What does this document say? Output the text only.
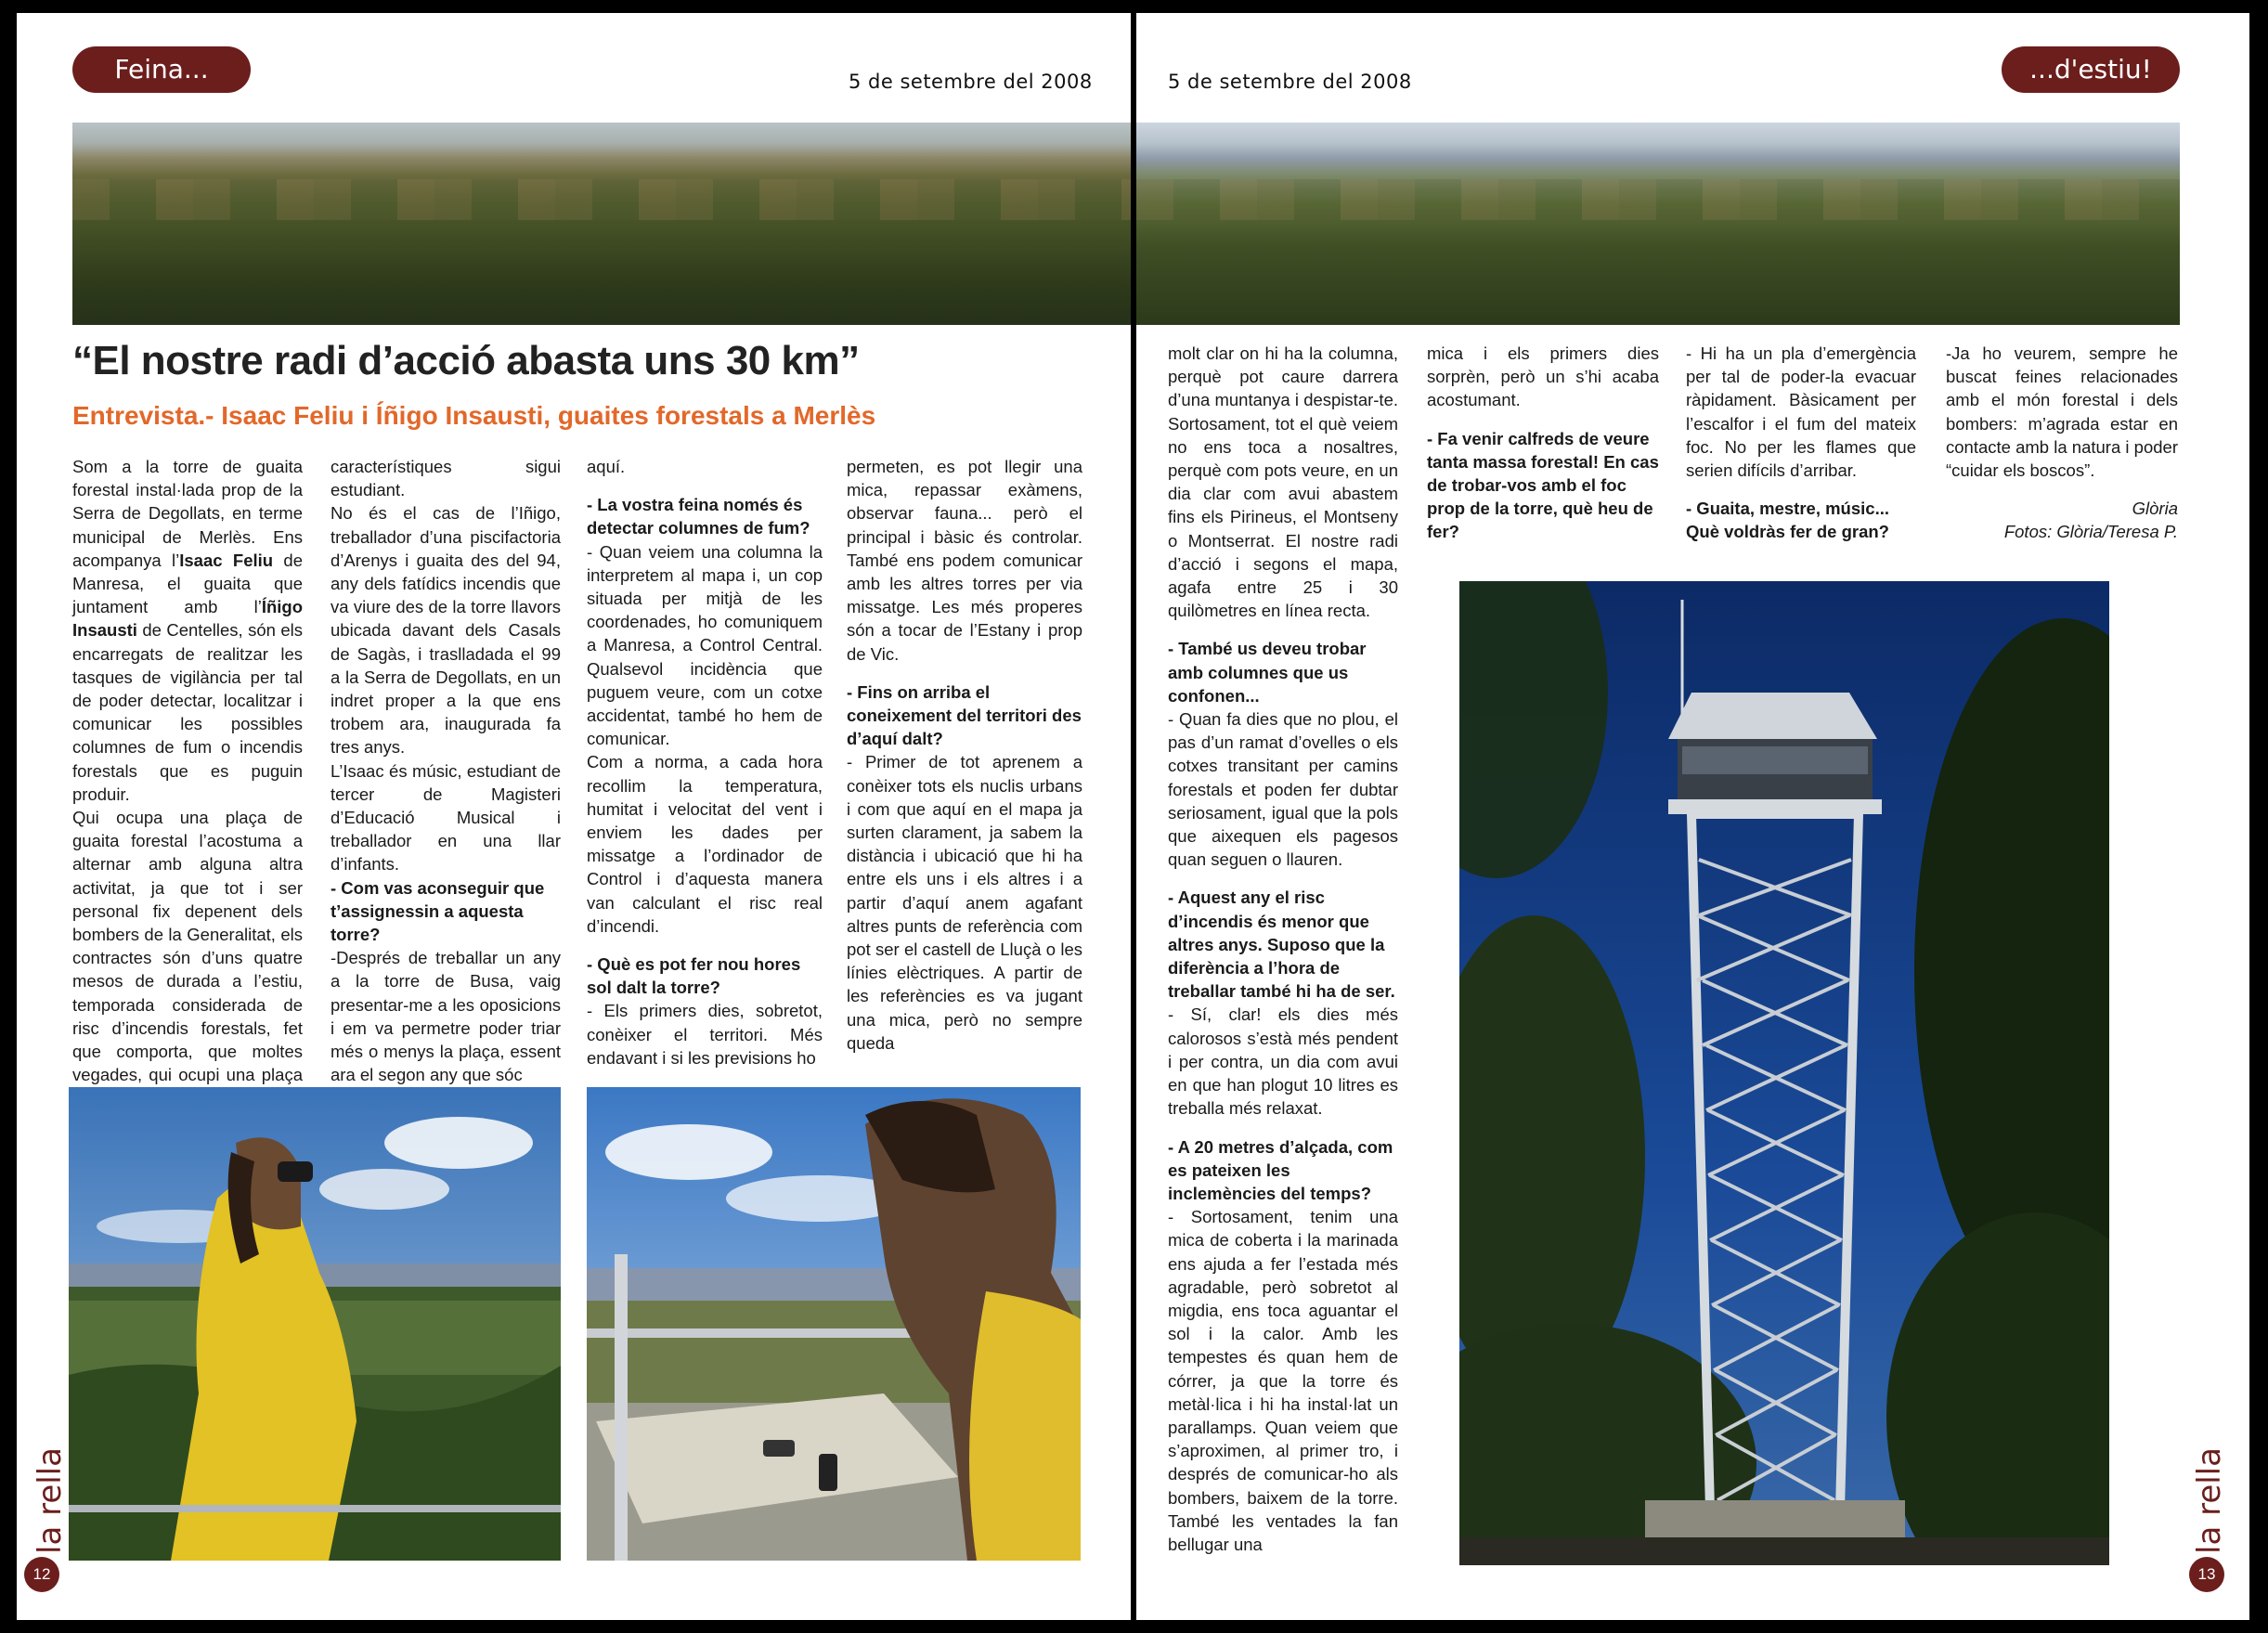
Feina...	5 de setembre del 2008
“El nostre radi d’acció abasta uns 30 km”
Entrevista.- Isaac Feliu i Íñigo Insausti, guaites forestals a Merlès

Som a la torre de guaita forestal instal·lada prop de la Serra de Degollats, en terme municipal de Merlès. Ens acompanya l’Isaac Feliu de Manresa, el guaita que juntament amb l’Íñigo Insausti de Centelles, són els encarregats de realitzar les tasques de vigilància per tal de poder detectar, localitzar i comunicar les possibles columnes de fum o incendis forestals que es puguin produir.

Qui ocupa una plaça de guaita forestal l’acostuma a alternar amb alguna altra activitat, ja que tot i ser personal fix depenent dels bombers de la Generalitat, els contractes són d’uns quatre mesos de durada a l’estiu, temporada considerada de risc d’incendis forestals, fet que comporta, que moltes vegades, qui ocupi una plaça

característiques sigui estudiant.

No és el cas de l’Iñigo, treballador d’una piscifactoria d’Arenys i guaita des del 94, any dels fatídics incendis que va viure des de la torre llavors ubicada davant dels Casals de Sagàs, i traslladada el 99 a la Serra de Degollats, en un indret proper a la que ens trobem ara, inaugurada fa tres anys.

L’Isaac és músic, estudiant de tercer de Magisteri d’Educació Musical i treballador en una llar d’infants.

- Com vas aconseguir que t’assignessin a aquesta torre?

-Després de treballar un any a la torre de Busa, vaig presentar-me a les oposicions i em va permetre poder triar més o menys la plaça, essent ara el segon any que sóc

aquí.

- La vostra feina només és detectar columnes de fum?

- Quan veiem una columna la interpretem al mapa i, un cop situada per mitjà de les coordenades, ho comuniquem a Manresa, a Control Central. Qualsevol incidència que puguem veure, com un cotxe accidentat, també ho hem de comunicar.

Com a norma, a cada hora recollim la temperatura, humitat i velocitat del vent i enviem les dades per missatge a l’ordinador de Control i d’aquesta manera van calculant el risc real d’incendi.

- Què es pot fer nou hores sol dalt la torre?

- Els primers dies, sobretot, conèixer el territori. Més endavant i si les previsions ho

permeten, es pot llegir una mica, repassar exàmens, observar fauna... però el principal i bàsic és controlar. També ens podem comunicar amb les altres torres per via missatge. Les més properes són a tocar de l’Estany i prop de Vic.

- Fins on arriba el coneixement del territori des d’aquí dalt?

- Primer de tot aprenem a conèixer tots els nuclis urbans i com que aquí en el mapa ja surten clarament, ja sabem la distància i ubicació que hi ha entre els uns i els altres i a partir d’aquí anem agafant altres punts de referència com pot ser el castell de Lluçà o les línies elèctriques. A partir de les referències es va jugant una mica, però no sempre queda

la rella
12
...d'estiu!
5 de setembre del 2008

molt clar on hi ha la columna, perquè pot caure darrera d’una muntanya i despistar-te. Sortosament, tot el què veiem no ens toca a nosaltres, perquè com pots veure, en un dia clar com avui abastem fins els Pirineus, el Montseny o Montserrat. El nostre radi d’acció i segons el mapa, agafa entre 25 i 30 quilòmetres en línea recta.

- També us deveu trobar amb columnes que us confonen...

- Quan fa dies que no plou, el pas d’un ramat d’ovelles o els cotxes transitant per camins forestals et poden fer dubtar seriosament, igual que la pols que aixequen els pagesos quan seguen o llauren.

- Aquest any el risc d’incendis és menor que altres anys. Suposo que la diferència a l’hora de treballar també hi ha de ser.

- Sí, clar! els dies més calorosos s’està més pendent i per contra, un dia com avui en que han plogut 10 litres es treballa més relaxat.

- A 20 metres d’alçada, com es pateixen les inclemències del temps?

- Sortosament, tenim una mica de coberta i la marinada ens ajuda a fer l’estada més agradable, però sobretot al migdia, ens toca aguantar el sol i la calor. Amb les tempestes és quan hem de córrer, ja que la torre és metàl·lica i hi ha instal·lat un parallamps. Quan veiem que s’aproximen, al primer tro, i després de comunicar-ho als bombers, baixem de la torre. També les ventades la fan bellugar una

mica i els primers dies sorprèn, però un s’hi acaba acostumant.

- Fa venir calfreds de veure tanta massa forestal! En cas de trobar-vos amb el foc prop de la torre, què heu de fer?

- Hi ha un pla d’emergència per tal de poder-la evacuar ràpidament. Bàsicament per l’escalfor i el fum del mateix foc. No per les flames que serien difícils d’arribar.

- Guaita, mestre, músic... Què voldràs fer de gran?

-Ja ho veurem, sempre he buscat feines relacionades amb el món forestal i dels bombers: m’agrada estar en contacte amb la natura i poder “cuidar els boscos”.

Glòria

Fotos: Glòria/Teresa P.

la rella
13
